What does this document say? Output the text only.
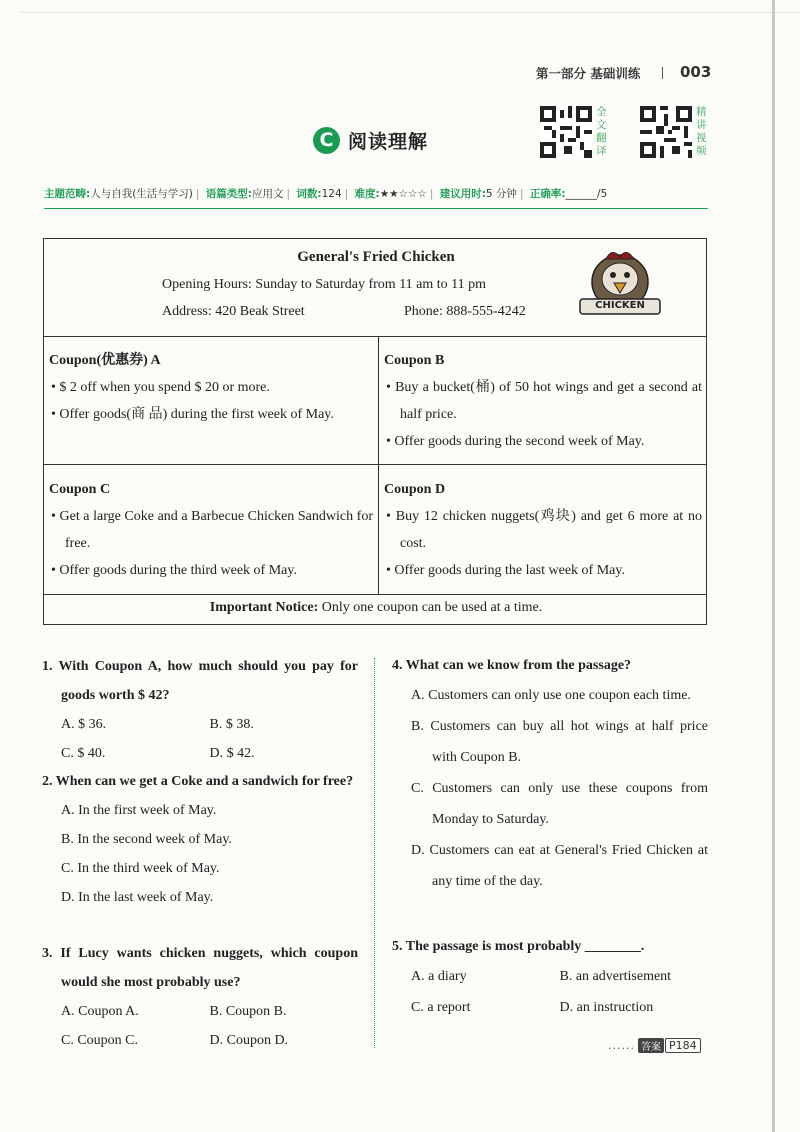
第一部分 基础训练	003
C 阅读理解
全
文
翻
译
精
讲
视
频
主题范畴:人与自我(生活与学习) | 语篇类型:应用文 | 词数:124 | 难度:★★☆☆☆ | 建议用时:5 分钟 | 正确率:______/5
General's Fried Chicken
Opening Hours: Sunday to Saturday from 11 am to 11 pm
Address: 420 Beak Street	Phone: 888-555-4242	CHICKEN
Coupon(优惠券) A
• $ 2 off when you spend $ 20 or more.
• Offer goods(商 品) during the first week of May.
Coupon B
• Buy a bucket(桶) of 50 hot wings and get a second at half price.
• Offer goods during the second week of May.
Coupon C
• Get a large Coke and a Barbecue Chicken Sandwich for free.
• Offer goods during the third week of May.
Coupon D
• Buy 12 chicken nuggets(鸡块) and get 6 more at no cost.
• Offer goods during the last week of May.
Important Notice: Only one coupon can be used at a time.
1. With Coupon A, how much should you pay for goods worth $ 42?
A. $ 36.	B. $ 38.
C. $ 40.	D. $ 42.
2. When can we get a Coke and a sandwich for free?
A. In the first week of May.
B. In the second week of May.
C. In the third week of May.
D. In the last week of May.
3. If Lucy wants chicken nuggets, which coupon would she most probably use?
A. Coupon A.	B. Coupon B.
C. Coupon C.	D. Coupon D.
4. What can we know from the passage?
A. Customers can only use one coupon each time.
B. Customers can buy all hot wings at half price with Coupon B.
C. Customers can only use these coupons from Monday to Saturday.
D. Customers can eat at General's Fried Chicken at any time of the day.
5. The passage is most probably ________.
A. a diary	B. an advertisement
C. a report	D. an instruction
...... 答案 P184
